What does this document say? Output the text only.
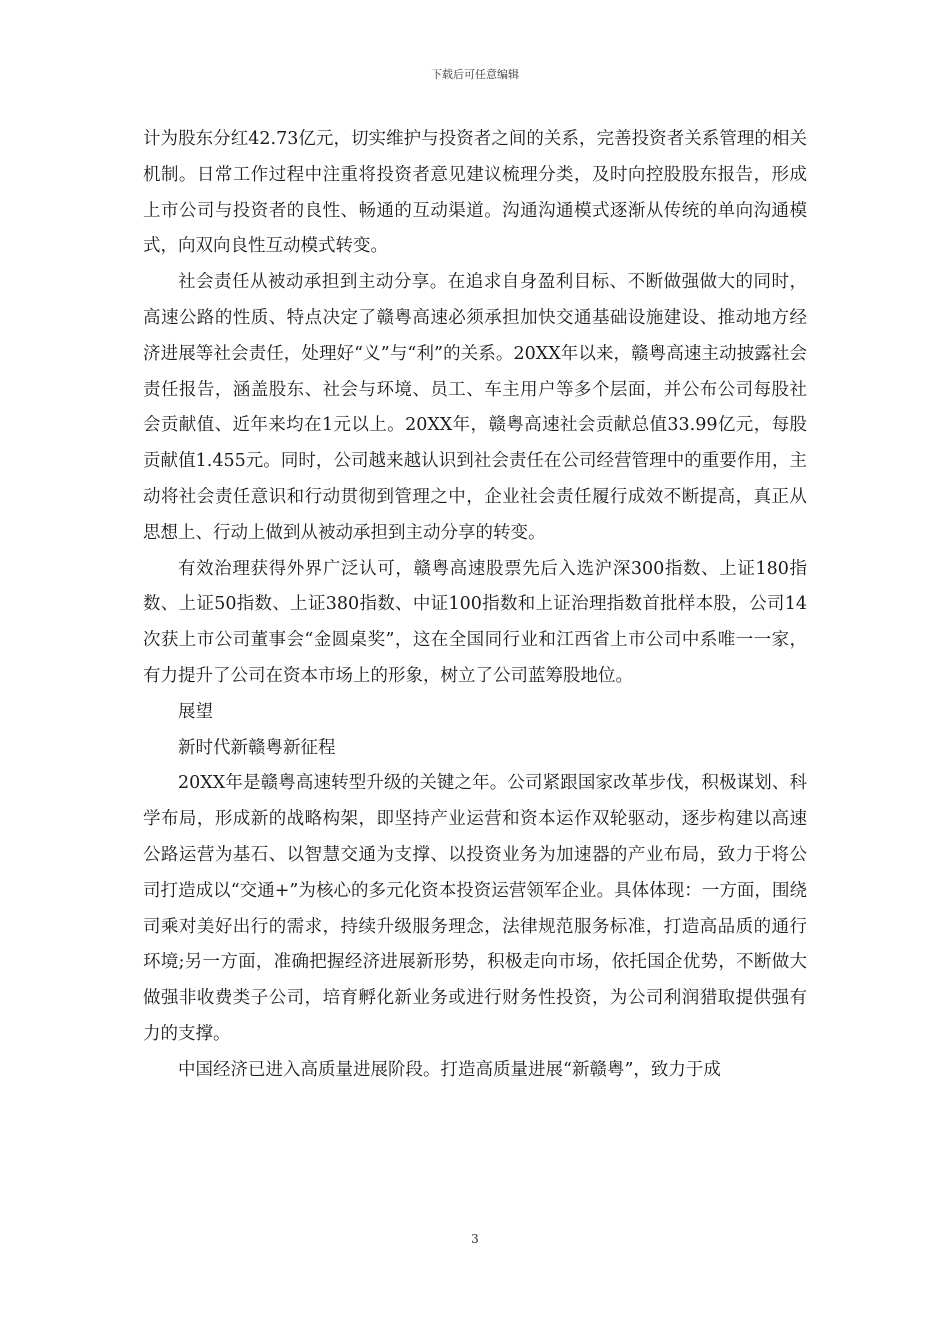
下载后可任意编辑

计为股东分红42.73亿元，切实维护与投资者之间的关系，完善投资者关系管理的相关机制。日常工作过程中注重将投资者意见建议梳理分类，及时向控股股东报告，形成上市公司与投资者的良性、畅通的互动渠道。沟通沟通模式逐渐从传统的单向沟通模式，向双向良性互动模式转变。

社会责任从被动承担到主动分享。在追求自身盈利目标、不断做强做大的同时，高速公路的性质、特点决定了赣粤高速必须承担加快交通基础设施建设、推动地方经济进展等社会责任，处理好“义”与“利”的关系。20XX年以来，赣粤高速主动披露社会责任报告，涵盖股东、社会与环境、员工、车主用户等多个层面，并公布公司每股社会贡献值、近年来均在1元以上。20XX年，赣粤高速社会贡献总值33.99亿元，每股贡献值1.455元。同时，公司越来越认识到社会责任在公司经营管理中的重要作用，主动将社会责任意识和行动贯彻到管理之中，企业社会责任履行成效不断提高，真正从思想上、行动上做到从被动承担到主动分享的转变。

有效治理获得外界广泛认可，赣粤高速股票先后入选沪深300指数、上证180指数、上证50指数、上证380指数、中证100指数和上证治理指数首批样本股，公司14次获上市公司董事会“金圆桌奖”，这在全国同行业和江西省上市公司中系唯一一家，有力提升了公司在资本市场上的形象，树立了公司蓝筹股地位。

展望

新时代新赣粤新征程

20XX年是赣粤高速转型升级的关键之年。公司紧跟国家改革步伐，积极谋划、科学布局，形成新的战略构架，即坚持产业运营和资本运作双轮驱动，逐步构建以高速公路运营为基石、以智慧交通为支撑、以投资业务为加速器的产业布局，致力于将公司打造成以“交通+”为核心的多元化资本投资运营领军企业。具体体现：一方面，围绕司乘对美好出行的需求，持续升级服务理念，法律规范服务标准，打造高品质的通行环境;另一方面，准确把握经济进展新形势，积极走向市场，依托国企优势，不断做大做强非收费类子公司，培育孵化新业务或进行财务性投资，为公司利润猎取提供强有力的支撑。

中国经济已进入高质量进展阶段。打造高质量进展“新赣粤”，致力于成

3
